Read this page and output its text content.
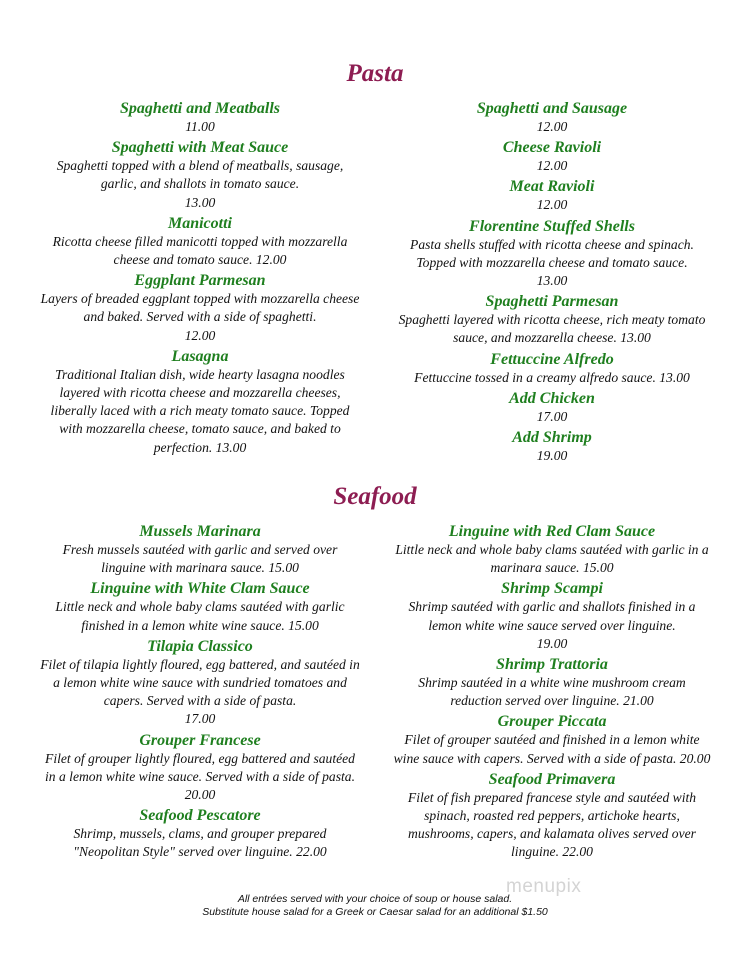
Pasta
Spaghetti and Meatballs
11.00
Spaghetti with Meat Sauce
Spaghetti topped with a blend of meatballs, sausage, garlic, and shallots in tomato sauce.
13.00
Manicotti
Ricotta cheese filled manicotti topped with mozzarella cheese and tomato sauce. 12.00
Eggplant Parmesan
Layers of breaded eggplant topped with mozzarella cheese and baked. Served with a side of spaghetti.
12.00
Lasagna
Traditional Italian dish, wide hearty lasagna noodles layered with ricotta cheese and mozzarella cheeses, liberally laced with a rich meaty tomato sauce. Topped with mozzarella cheese, tomato sauce, and baked to perfection. 13.00
Spaghetti and Sausage
12.00
Cheese Ravioli
12.00
Meat Ravioli
12.00
Florentine Stuffed Shells
Pasta shells stuffed with ricotta cheese and spinach. Topped with mozzarella cheese and tomato sauce.
13.00
Spaghetti Parmesan
Spaghetti layered with ricotta cheese, rich meaty tomato sauce, and mozzarella cheese. 13.00
Fettuccine Alfredo
Fettuccine tossed in a creamy alfredo sauce. 13.00
Add Chicken
17.00
Add Shrimp
19.00
Seafood
Mussels Marinara
Fresh mussels sautéed with garlic and served over linguine with marinara sauce. 15.00
Linguine with White Clam Sauce
Little neck and whole baby clams sautéed with garlic finished in a lemon white wine sauce. 15.00
Tilapia Classico
Filet of tilapia lightly floured, egg battered, and sautéed in a lemon white wine sauce with sundried tomatoes and capers. Served with a side of pasta.
17.00
Grouper Francese
Filet of grouper lightly floured, egg battered and sautéed in a lemon white wine sauce. Served with a side of pasta. 20.00
Seafood Pescatore
Shrimp, mussels, clams, and grouper prepared "Neopolitan Style" served over linguine. 22.00
Linguine with Red Clam Sauce
Little neck and whole baby clams sautéed with garlic in a marinara sauce. 15.00
Shrimp Scampi
Shrimp sautéed with garlic and shallots finished in a lemon white wine sauce served over linguine.
19.00
Shrimp Trattoria
Shrimp sautéed in a white wine mushroom cream reduction served over linguine. 21.00
Grouper Piccata
Filet of grouper sautéed and finished in a lemon white wine sauce with capers. Served with a side of pasta. 20.00
Seafood Primavera
Filet of fish prepared francese style and sautéed with spinach, roasted red peppers, artichoke hearts, mushrooms, capers, and kalamata olives served over linguine. 22.00
All entrées served with your choice of soup or house salad.
Substitute house salad for a Greek or Caesar salad for an additional $1.50
menupix
